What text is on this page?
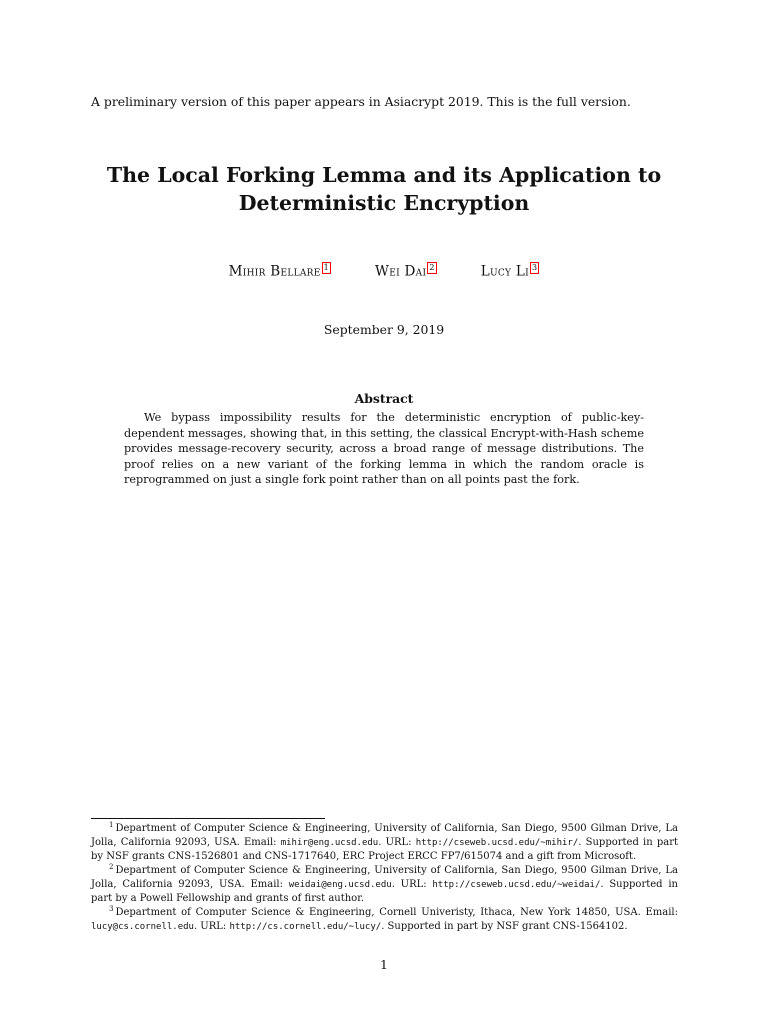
A preliminary version of this paper appears in Asiacrypt 2019. This is the full version.
The Local Forking Lemma and its Application to
Deterministic Encryption
Mihir Bellare 1	Wei Dai 2	Lucy Li 3
September 9, 2019
Abstract
We bypass impossibility results for the deterministic encryption of public-key-dependent messages, showing that, in this setting, the classical Encrypt-with-Hash scheme provides message-recovery security, across a broad range of message distributions. The proof relies on a new variant of the forking lemma in which the random oracle is reprogrammed on just a single fork point rather than on all points past the fork.

$^1$ Department of Computer Science & Engineering, University of California, San Diego, 9500 Gilman Drive, La Jolla, California 92093, USA. Email: mihir@eng.ucsd.edu. URL: http://cseweb.ucsd.edu/~mihir/. Supported in part by NSF grants CNS-1526801 and CNS-1717640, ERC Project ERCC FP7/615074 and a gift from Microsoft.

$^2$ Department of Computer Science & Engineering, University of California, San Diego, 9500 Gilman Drive, La Jolla, California 92093, USA. Email: weidai@eng.ucsd.edu. URL: http://cseweb.ucsd.edu/~weidai/. Supported in part by a Powell Fellowship and grants of first author.

$^3$ Department of Computer Science & Engineering, Cornell Univeristy, Ithaca, New York 14850, USA. Email: lucy@cs.cornell.edu. URL: http://cs.cornell.edu/~lucy/. Supported in part by NSF grant CNS-1564102.

1
